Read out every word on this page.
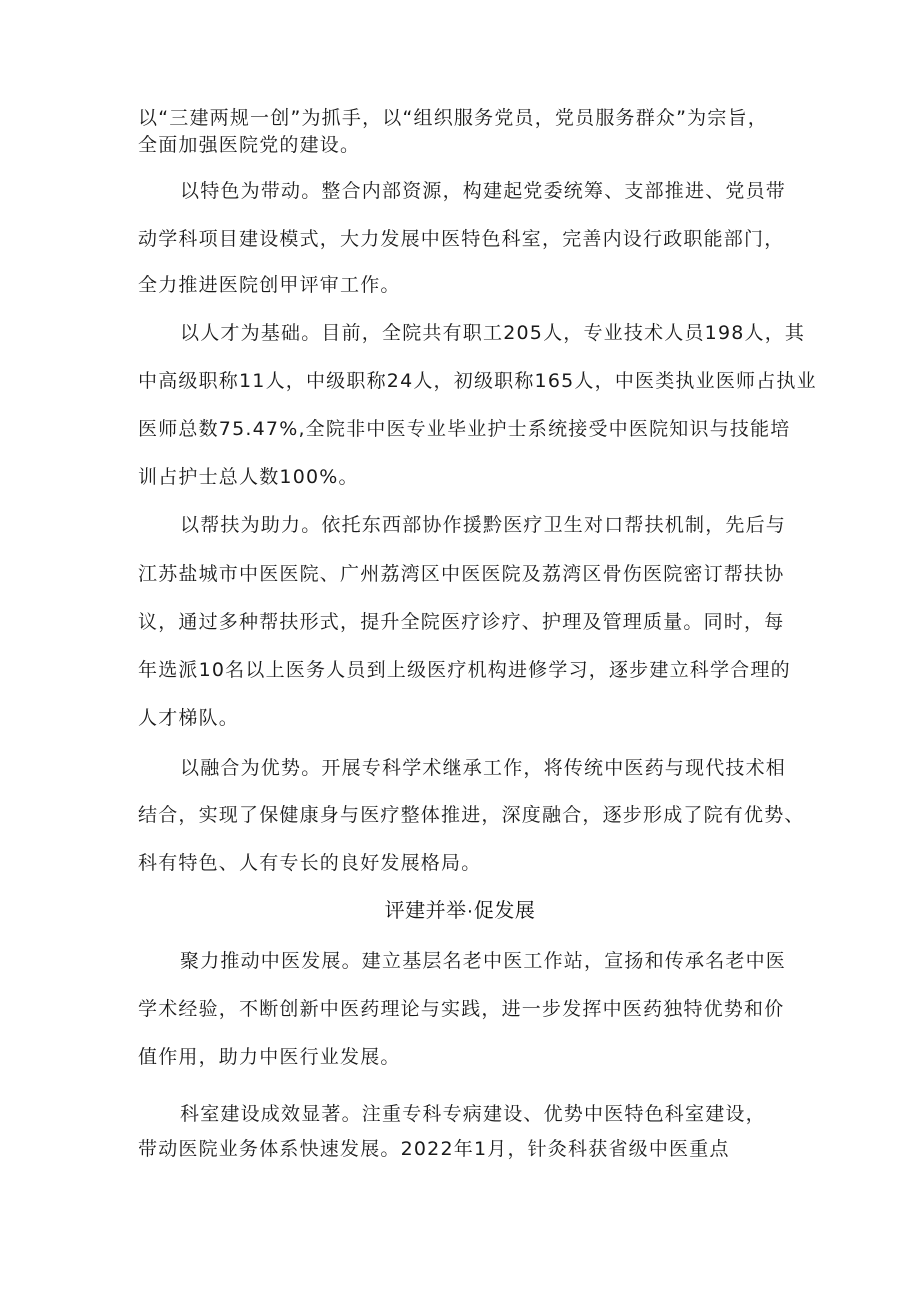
以“三建两规一创”为抓手，以“组织服务党员，党员服务群众”为宗旨，
全面加强医院党的建设。
以特色为带动。整合内部资源，构建起党委统筹、支部推进、党员带
动学科项目建设模式，大力发展中医特色科室，完善内设行政职能部门，
全力推进医院创甲评审工作。
以人才为基础。目前，全院共有职工205人，专业技术人员198人，其
中高级职称11人，中级职称24人，初级职称165人，中医类执业医师占执业
医师总数75.47%,全院非中医专业毕业护士系统接受中医院知识与技能培
训占护士总人数100%。
以帮扶为助力。依托东西部协作援黔医疗卫生对口帮扶机制，先后与
江苏盐城市中医医院、广州荔湾区中医医院及荔湾区骨伤医院密订帮扶协
议，通过多种帮扶形式，提升全院医疗诊疗、护理及管理质量。同时，每
年选派10名以上医务人员到上级医疗机构进修学习，逐步建立科学合理的
人才梯队。
以融合为优势。开展专科学术继承工作，将传统中医药与现代技术相
结合，实现了保健康身与医疗整体推进，深度融合，逐步形成了院有优势、
科有特色、人有专长的良好发展格局。
评建并举·促发展
聚力推动中医发展。建立基层名老中医工作站，宣扬和传承名老中医
学术经验，不断创新中医药理论与实践，进一步发挥中医药独特优势和价
值作用，助力中医行业发展。
科室建设成效显著。注重专科专病建设、优势中医特色科室建设，
带动医院业务体系快速发展。2022年1月，针灸科获省级中医重点
